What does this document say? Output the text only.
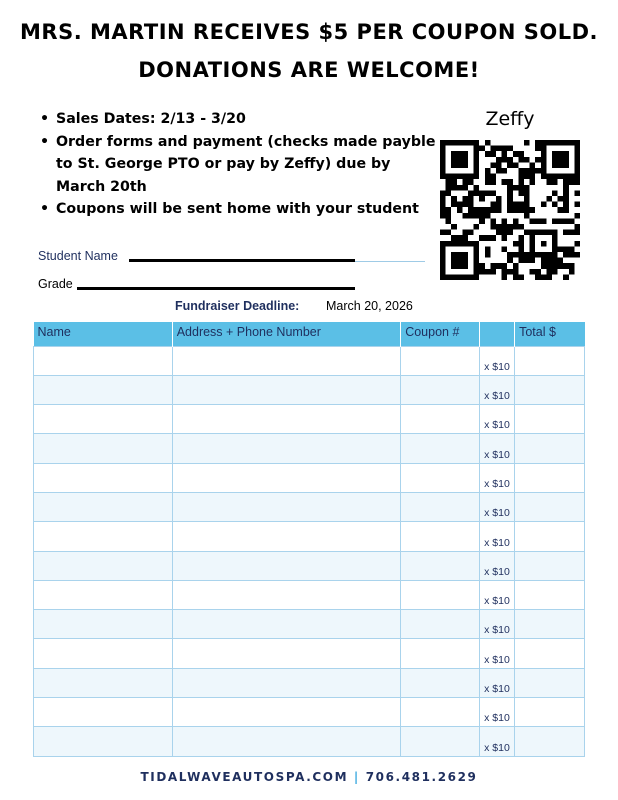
MRS. MARTIN RECEIVES $5 PER COUPON SOLD.
DONATIONS ARE WELCOME!
• Sales Dates: 2/13 - 3/20
• Order forms and payment (checks made payble to St. George PTO or pay by Zeffy) due by March 20th
• Coupons will be sent home with your student
Zeffy
Student Name
Grade
Fundraiser Deadline: March 20, 2026
Name	Address + Phone Number	Coupon #		Total $
			x $10	
			x $10	
			x $10	
			x $10	
			x $10	
			x $10	
			x $10	
			x $10	
			x $10	
			x $10	
			x $10	
			x $10	
			x $10	
			x $10	
TIDALWAVEAUTOSPA.COM | 706.481.2629
